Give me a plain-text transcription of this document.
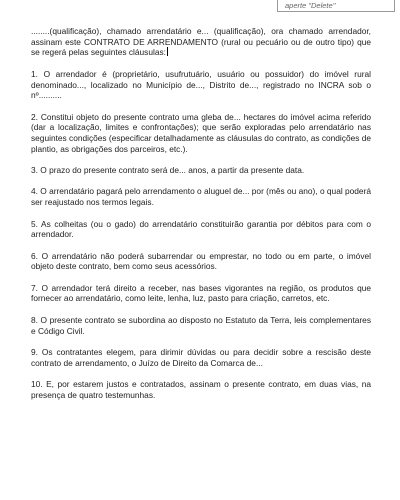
aperte "Delete"

........(qualificação), chamado arrendatário e... (qualificação), ora chamado arrendador, assinam este CONTRATO DE ARRENDAMENTO (rural ou pecuário ou de outro tipo) que se regerá pelas seguintes cláusulas:

1. O arrendador é (proprietário, usufrutuário, usuário ou possuidor) do imóvel rural denominado..., localizado no Município de..., Distrito de..., registrado no INCRA sob o nº..........

2. Constitui objeto do presente contrato uma gleba de... hectares do imóvel acima referido (dar a localização, limites e confrontações); que serão exploradas pelo arrendatário nas seguintes condições (especificar detalhadamente as cláusulas do contrato, as condições de plantio, as obrigações dos parceiros, etc.).

3. O prazo do presente contrato será de... anos, a partir da presente data.

4. O arrendatário pagará pelo arrendamento o aluguel de... por (mês ou ano), o qual poderá ser reajustado nos termos legais.

5. As colheitas (ou o gado) do arrendatário constituirão garantia por débitos para com o arrendador.

6. O arrendatário não poderá subarrendar ou emprestar, no todo ou em parte, o imóvel objeto deste contrato, bem como seus acessórios.

7. O arrendador terá direito a receber, nas bases vigorantes na região, os produtos que fornecer ao arrendatário, como leite, lenha, luz, pasto para criação, carretos, etc.

8. O presente contrato se subordina ao disposto no Estatuto da Terra, leis complementares e Código Civil.

9. Os contratantes elegem, para dirimir dúvidas ou para decidir sobre a rescisão deste contrato de arrendamento, o Juízo de Direito da Comarca de...

10. E, por estarem justos e contratados, assinam o presente contrato, em duas vias, na presença de quatro testemunhas.
